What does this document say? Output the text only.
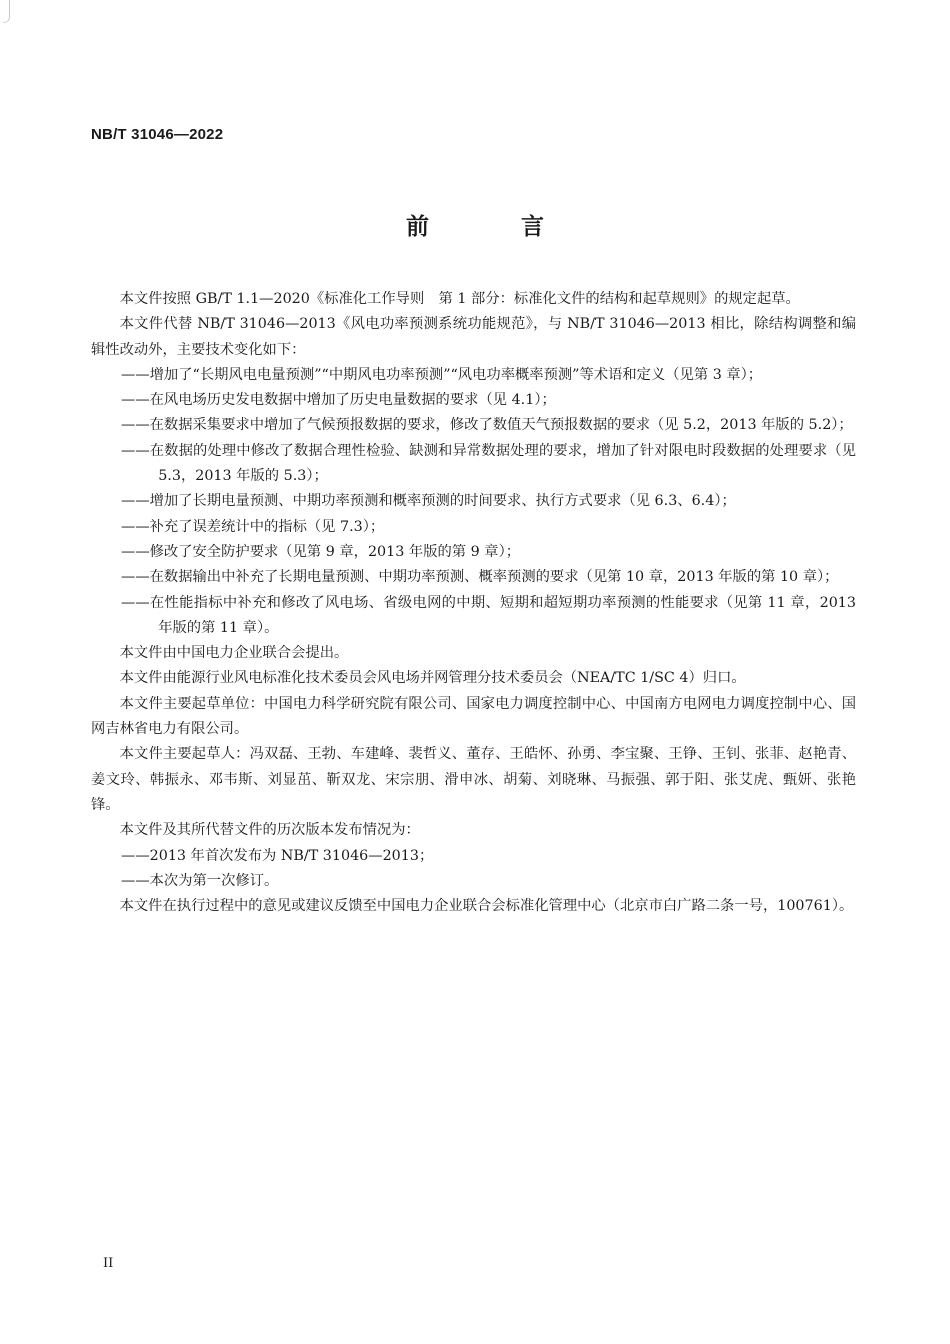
NB/T 31046—2022
前 言

本文件按照 GB/T 1.1—2020《标准化工作导则　第 1 部分：标准化文件的结构和起草规则》的规定起草。

本文件代替 NB/T 31046—2013《风电功率预测系统功能规范》，与 NB/T 31046—2013 相比，除结构调整和编辑性改动外，主要技术变化如下：

——增加了“长期风电电量预测”“中期风电功率预测”“风电功率概率预测”等术语和定义（见第 3 章）；

——在风电场历史发电数据中增加了历史电量数据的要求（见 4.1）；

——在数据采集要求中增加了气候预报数据的要求，修改了数值天气预报数据的要求（见 5.2，2013 年版的 5.2）；

——在数据的处理中修改了数据合理性检验、缺测和异常数据处理的要求，增加了针对限电时段数据的处理要求（见 5.3，2013 年版的 5.3）；

——增加了长期电量预测、中期功率预测和概率预测的时间要求、执行方式要求（见 6.3、6.4）；

——补充了误差统计中的指标（见 7.3）；

——修改了安全防护要求（见第 9 章，2013 年版的第 9 章）；

——在数据输出中补充了长期电量预测、中期功率预测、概率预测的要求（见第 10 章，2013 年版的第 10 章）；

——在性能指标中补充和修改了风电场、省级电网的中期、短期和超短期功率预测的性能要求（见第 11 章，2013 年版的第 11 章）。

本文件由中国电力企业联合会提出。

本文件由能源行业风电标准化技术委员会风电场并网管理分技术委员会（NEA/TC 1/SC 4）归口。

本文件主要起草单位：中国电力科学研究院有限公司、国家电力调度控制中心、中国南方电网电力调度控制中心、国网吉林省电力有限公司。

本文件主要起草人：冯双磊、王勃、车建峰、裴哲义、董存、王皓怀、孙勇、李宝聚、王铮、王钊、张菲、赵艳青、姜文玲、韩振永、邓韦斯、刘显茁、靳双龙、宋宗朋、滑申冰、胡菊、刘晓琳、马振强、郭于阳、张艾虎、甄妍、张艳锋。

本文件及其所代替文件的历次版本发布情况为：

——2013 年首次发布为 NB/T 31046—2013；

——本次为第一次修订。

本文件在执行过程中的意见或建议反馈至中国电力企业联合会标准化管理中心（北京市白广路二条一号，100761）。

II
